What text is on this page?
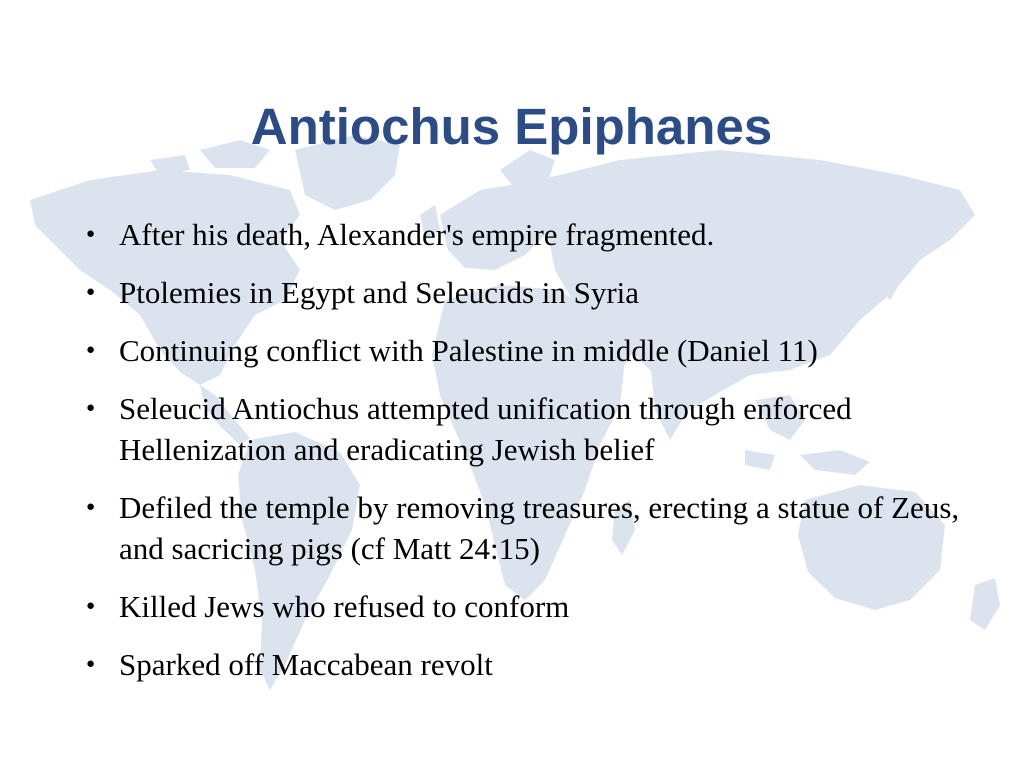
Antiochus Epiphanes
● After his death, Alexander's empire fragmented.
● Ptolemies in Egypt and Seleucids in Syria
● Continuing conflict with Palestine in middle (Daniel 11)
● Seleucid Antiochus attempted unification through enforced Hellenization and eradicating Jewish belief
● Defiled the temple by removing treasures, erecting a statue of Zeus, and sacricing pigs (cf Matt 24:15)
● Killed Jews who refused to conform
● Sparked off Maccabean revolt
